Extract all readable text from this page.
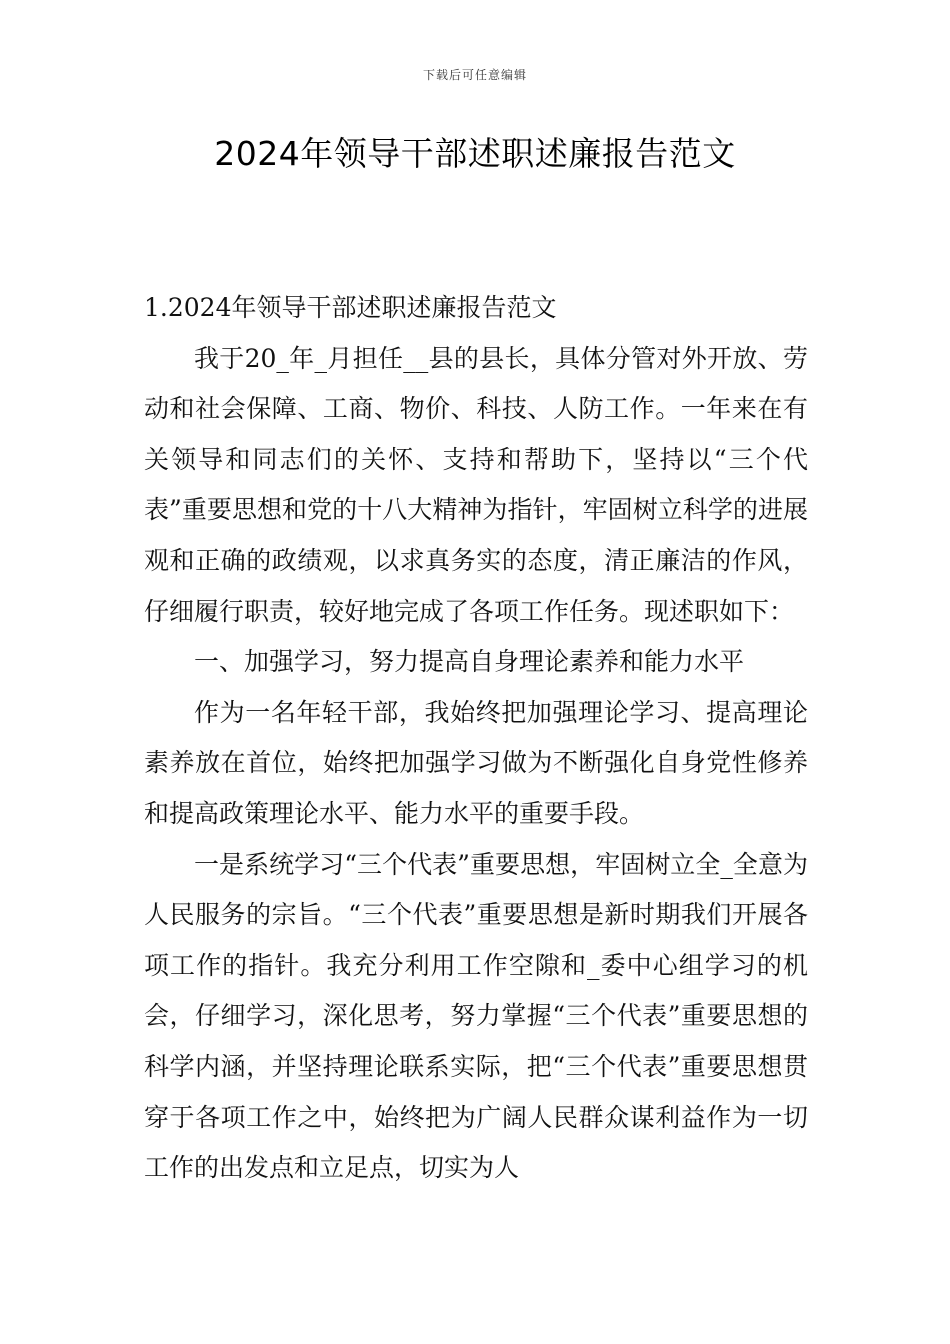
下载后可任意编辑
2024年领导干部述职述廉报告范文

1.2024年领导干部述职述廉报告范文

我于20_年_月担任__县的县长，具体分管对外开放、劳动和社会保障、工商、物价、科技、人防工作。一年来在有关领导和同志们的关怀、支持和帮助下，坚持以“三个代表”重要思想和党的十八大精神为指针，牢固树立科学的进展观和正确的政绩观，以求真务实的态度，清正廉洁的作风，仔细履行职责，较好地完成了各项工作任务。现述职如下：

一、加强学习，努力提高自身理论素养和能力水平

作为一名年轻干部，我始终把加强理论学习、提高理论素养放在首位，始终把加强学习做为不断强化自身党性修养和提高政策理论水平、能力水平的重要手段。

一是系统学习“三个代表”重要思想，牢固树立全_全意为人民服务的宗旨。“三个代表”重要思想是新时期我们开展各项工作的指针。我充分利用工作空隙和_委中心组学习的机会，仔细学习，深化思考，努力掌握“三个代表”重要思想的科学内涵，并坚持理论联系实际，把“三个代表”重要思想贯穿于各项工作之中，始终把为广阔人民群众谋利益作为一切工作的出发点和立足点，切实为人
